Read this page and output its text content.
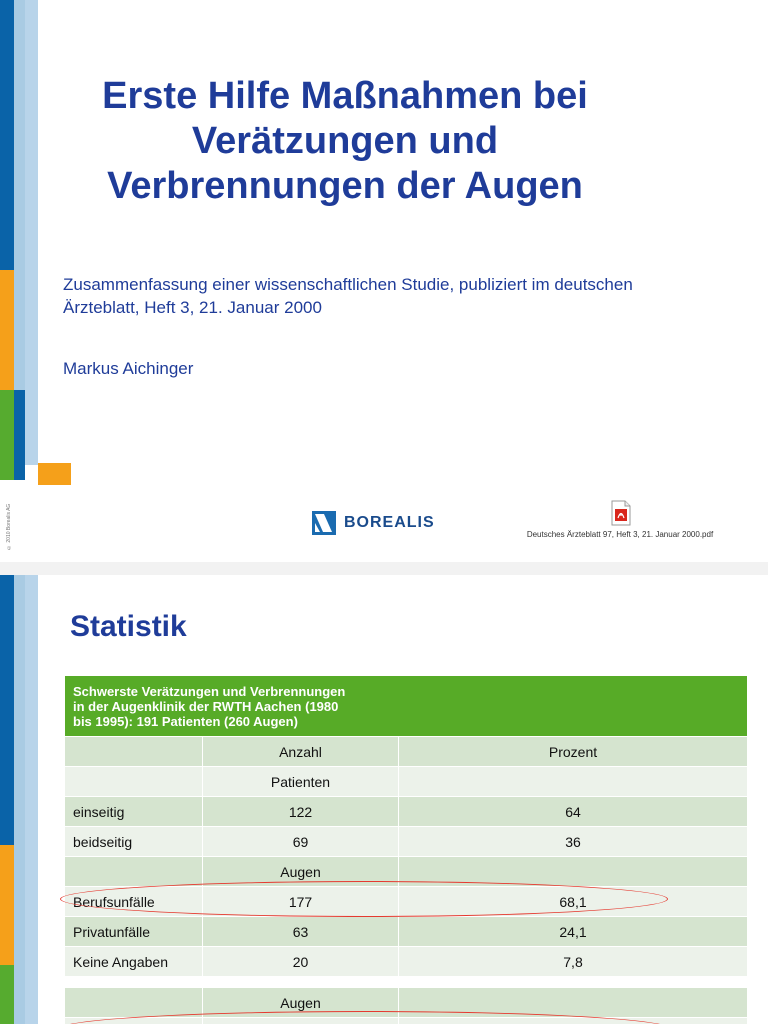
Erste Hilfe Maßnahmen bei
Verätzungen und
Verbrennungen der Augen
Zusammenfassung einer wissenschaftlichen Studie, publiziert im deutschen
Ärzteblatt, Heft 3, 21. Januar 2000
Markus Aichinger
© 2010 Borealis AG	BOREALIS
Deutsches Ärzteblatt 97, Heft 3, 21. Januar 2000.pdf
Statistik
Schwerste Verätzungen und Verbrennungen
in der Augenklinik der RWTH Aachen (1980
bis 1995): 191 Patienten (260 Augen)		

	Anzahl	Prozent
	Patienten	
einseitig	122	64
beidseitig	69	36
	Augen	
Berufsunfälle	177	68,1
Privatunfälle	63	24,1
Keine Angaben	20	7,8

	Augen	
